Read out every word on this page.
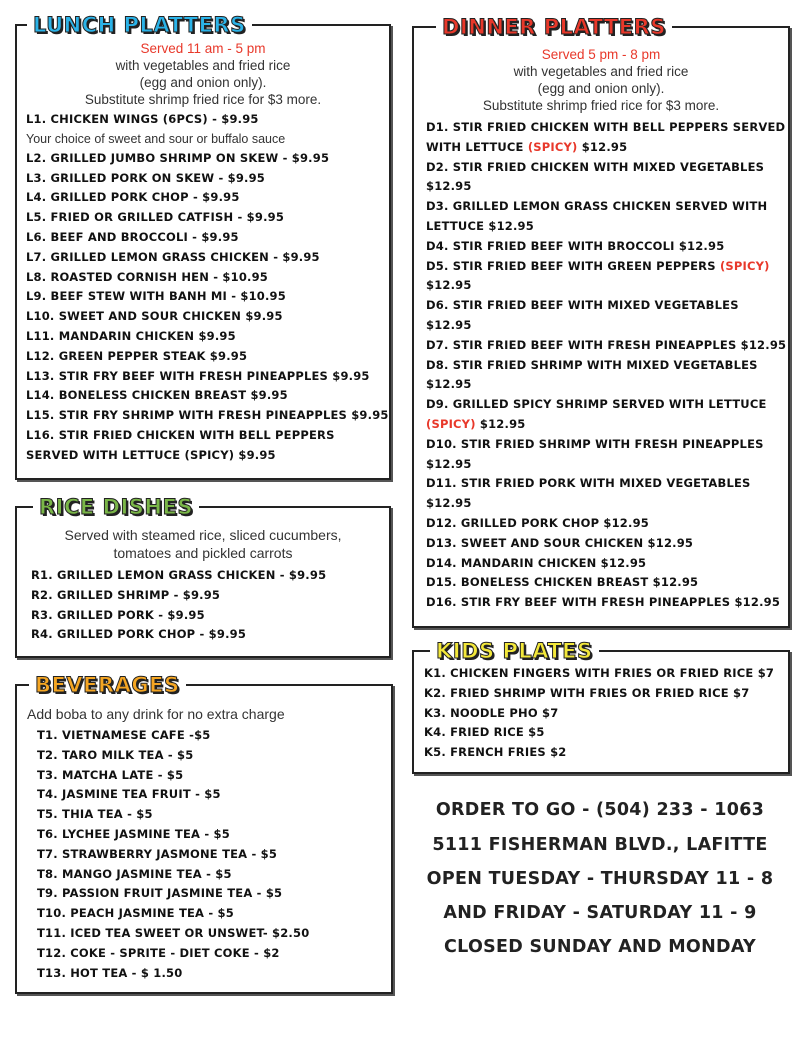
LUNCH PLATTERS
Served 11 am - 5 pm
with vegetables and fried rice
(egg and onion only).
Substitute shrimp fried rice for $3 more.
L1. CHICKEN WINGS (6PCS) - $9.95
Your choice of sweet and sour or buffalo sauce
L2. GRILLED JUMBO SHRIMP ON SKEW - $9.95
L3. GRILLED PORK ON SKEW - $9.95
L4. GRILLED PORK CHOP - $9.95
L5. FRIED OR GRILLED CATFISH - $9.95
L6. BEEF AND BROCCOLI - $9.95
L7. GRILLED LEMON GRASS CHICKEN - $9.95
L8. ROASTED CORNISH HEN - $10.95
L9. BEEF STEW WITH BANH MI - $10.95
L10. SWEET AND SOUR CHICKEN $9.95
L11. MANDARIN CHICKEN $9.95
L12. GREEN PEPPER STEAK $9.95
L13. STIR FRY BEEF WITH FRESH PINEAPPLES $9.95
L14. BONELESS CHICKEN BREAST $9.95
L15. STIR FRY SHRIMP WITH FRESH PINEAPPLES $9.95
L16. STIR FRIED CHICKEN WITH BELL PEPPERS
SERVED WITH LETTUCE (SPICY) $9.95
DINNER PLATTERS
Served 5 pm - 8 pm
with vegetables and fried rice
(egg and onion only).
Substitute shrimp fried rice for $3 more.
D1. STIR FRIED CHICKEN WITH BELL PEPPERS SERVED
WITH LETTUCE (SPICY) $12.95
D2. STIR FRIED CHICKEN WITH MIXED VEGETABLES
$12.95
D3. GRILLED LEMON GRASS CHICKEN SERVED WITH
LETTUCE $12.95
D4. STIR FRIED BEEF WITH BROCCOLI $12.95
D5. STIR FRIED BEEF WITH GREEN PEPPERS (SPICY)
$12.95
D6. STIR FRIED BEEF WITH MIXED VEGETABLES
$12.95
D7. STIR FRIED BEEF WITH FRESH PINEAPPLES $12.95
D8. STIR FRIED SHRIMP WITH MIXED VEGETABLES
$12.95
D9. GRILLED SPICY SHRIMP SERVED WITH LETTUCE
(SPICY) $12.95
D10. STIR FRIED SHRIMP WITH FRESH PINEAPPLES
$12.95
D11. STIR FRIED PORK WITH MIXED VEGETABLES
$12.95
D12. GRILLED PORK CHOP $12.95
D13. SWEET AND SOUR CHICKEN $12.95
D14. MANDARIN CHICKEN $12.95
D15. BONELESS CHICKEN BREAST $12.95
D16. STIR FRY BEEF WITH FRESH PINEAPPLES $12.95
RICE DISHES
Served with steamed rice, sliced cucumbers,
tomatoes and pickled carrots
R1. GRILLED LEMON GRASS CHICKEN - $9.95
R2. GRILLED SHRIMP - $9.95
R3. GRILLED PORK - $9.95
R4. GRILLED PORK CHOP - $9.95
KIDS PLATES
K1. CHICKEN FINGERS WITH FRIES OR FRIED RICE $7
K2. FRIED SHRIMP WITH FRIES OR FRIED RICE $7
K3. NOODLE PHO $7
K4. FRIED RICE $5
K5. FRENCH FRIES $2
BEVERAGES
Add boba to any drink for no extra charge
T1. VIETNAMESE CAFE -$5
T2. TARO MILK TEA - $5
T3. MATCHA LATE - $5
T4. JASMINE TEA FRUIT - $5
T5. THIA TEA - $5
T6. LYCHEE JASMINE TEA - $5
T7. STRAWBERRY JASMONE TEA - $5
T8. MANGO JASMINE TEA - $5
T9. PASSION FRUIT JASMINE TEA - $5
T10. PEACH JASMINE TEA - $5
T11. ICED TEA SWEET OR UNSWET- $2.50
T12. COKE - SPRITE - DIET COKE - $2
T13. HOT TEA - $ 1.50
ORDER TO GO - (504) 233 - 1063
5111 FISHERMAN BLVD., LAFITTE
OPEN TUESDAY - THURSDAY 11 - 8
AND FRIDAY - SATURDAY 11 - 9
CLOSED SUNDAY AND MONDAY
